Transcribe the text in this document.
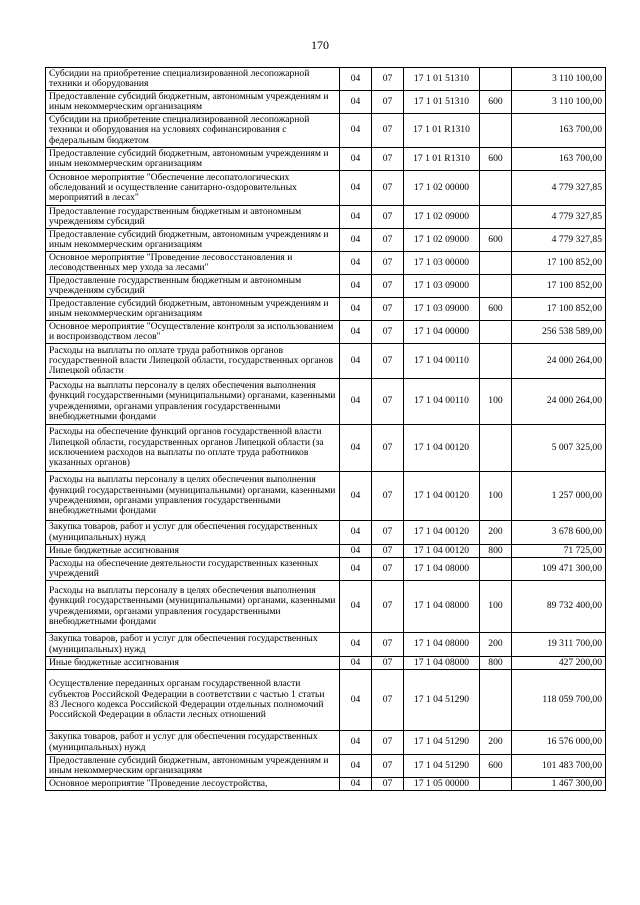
170
Субсидии на приобретение специализированной лесопожарной техники и оборудования	04	07	17 1 01 51310		3 110 100,00
Предоставление субсидий бюджетным, автономным учреждениям и иным некоммерческим организациям	04	07	17 1 01 51310	600	3 110 100,00
Субсидии на приобретение специализированной лесопожарной техники и оборудования на условиях софинансирования с федеральным бюджетом	04	07	17 1 01 R1310		163 700,00
Предоставление субсидий бюджетным, автономным учреждениям и иным некоммерческим организациям	04	07	17 1 01 R1310	600	163 700,00
Основное мероприятие "Обеспечение лесопатологических обследований и осуществление санитарно-оздоровительных мероприятий в лесах"	04	07	17 1 02 00000		4 779 327,85
Предоставление государственным бюджетным и автономным учреждениям субсидий	04	07	17 1 02 09000		4 779 327,85
Предоставление субсидий бюджетным, автономным учреждениям и иным некоммерческим организациям	04	07	17 1 02 09000	600	4 779 327,85
Основное мероприятие "Проведение лесовосстановления и лесоводственных мер ухода за лесами"	04	07	17 1 03 00000		17 100 852,00
Предоставление государственным бюджетным и автономным учреждениям субсидий	04	07	17 1 03 09000		17 100 852,00
Предоставление субсидий бюджетным, автономным учреждениям и иным некоммерческим организациям	04	07	17 1 03 09000	600	17 100 852,00
Основное мероприятие "Осуществление контроля за использованием и воспроизводством лесов"	04	07	17 1 04 00000		256 538 589,00
Расходы на выплаты по оплате труда работников органов государственной власти Липецкой области, государственных органов Липецкой области	04	07	17 1 04 00110		24 000 264,00
Расходы на выплаты персоналу в целях обеспечения выполнения функций государственными (муниципальными) органами, казенными учреждениями, органами управления государственными внебюджетными фондами	04	07	17 1 04 00110	100	24 000 264,00
Расходы на обеспечение функций органов государственной власти Липецкой области, государственных органов Липецкой области (за исключением расходов на выплаты по оплате труда работников указанных органов)	04	07	17 1 04 00120		5 007 325,00
Расходы на выплаты персоналу в целях обеспечения выполнения функций государственными (муниципальными) органами, казенными учреждениями, органами управления государственными внебюджетными фондами	04	07	17 1 04 00120	100	1 257 000,00
Закупка товаров, работ и услуг для обеспечения государственных (муниципальных) нужд	04	07	17 1 04 00120	200	3 678 600,00
Иные бюджетные ассигнования	04	07	17 1 04 00120	800	71 725,00
Расходы на обеспечение деятельности государственных казенных учреждений	04	07	17 1 04 08000		109 471 300,00
Расходы на выплаты персоналу в целях обеспечения выполнения функций государственными (муниципальными) органами, казенными учреждениями, органами управления государственными внебюджетными фондами	04	07	17 1 04 08000	100	89 732 400,00
Закупка товаров, работ и услуг для обеспечения государственных (муниципальных) нужд	04	07	17 1 04 08000	200	19 311 700,00
Иные бюджетные ассигнования	04	07	17 1 04 08000	800	427 200,00
Осуществление переданных органам государственной власти субъектов Российской Федерации в соответствии с частью 1 статьи 83 Лесного кодекса Российской Федерации отдельных полномочий Российской Федерации в области лесных отношений	04	07	17 1 04 51290		118 059 700,00
Закупка товаров, работ и услуг для обеспечения государственных (муниципальных) нужд	04	07	17 1 04 51290	200	16 576 000,00
Предоставление субсидий бюджетным, автономным учреждениям и иным некоммерческим организациям	04	07	17 1 04 51290	600	101 483 700,00
Основное мероприятие "Проведение лесоустройства,	04	07	17 1 05 00000		1 467 300,00
